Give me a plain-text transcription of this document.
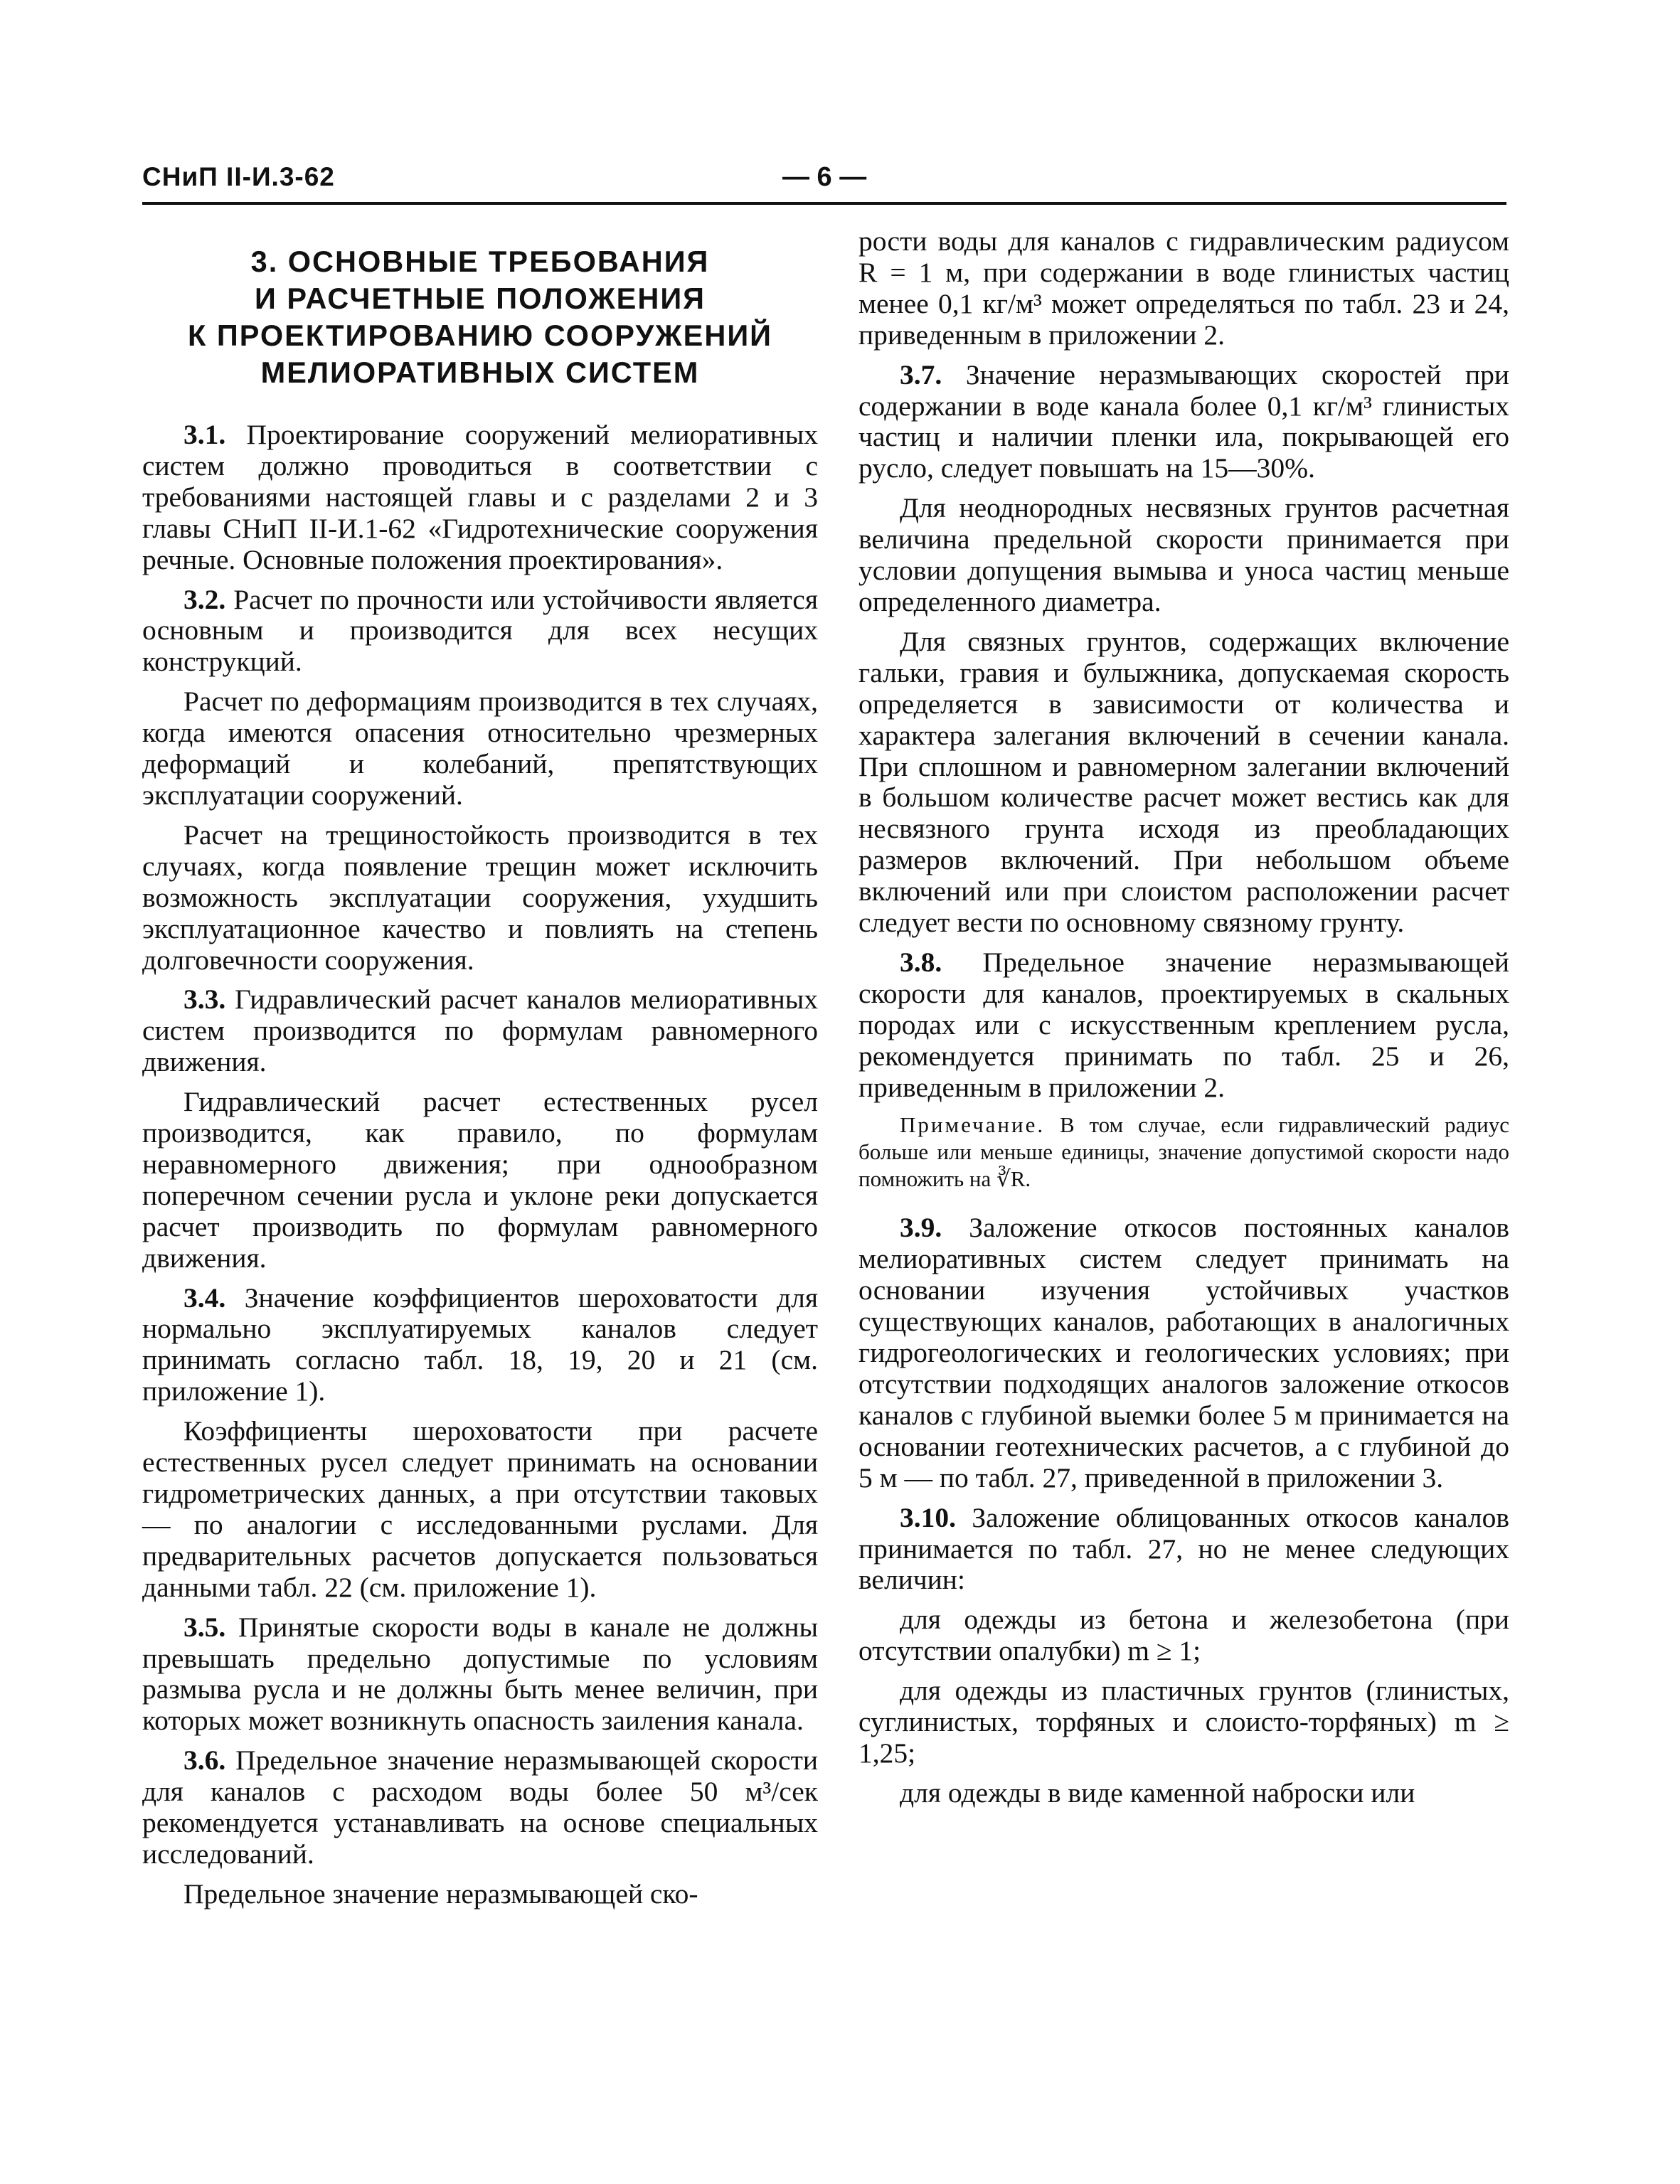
СНиП II-И.3-62	— 6 —
3. ОСНОВНЫЕ ТРЕБОВАНИЯ
И РАСЧЕТНЫЕ ПОЛОЖЕНИЯ
К ПРОЕКТИРОВАНИЮ СООРУЖЕНИЙ
МЕЛИОРАТИВНЫХ СИСТЕМ

3.1. Проектирование сооружений мелиоративных систем должно проводиться в соответствии с требованиями настоящей главы и с разделами 2 и 3 главы СНиП II-И.1-62 «Гидротехнические сооружения речные. Основные положения проектирования».

3.2. Расчет по прочности или устойчивости является основным и производится для всех несущих конструкций.

Расчет по деформациям производится в тех случаях, когда имеются опасения относительно чрезмерных деформаций и колебаний, препятствующих эксплуатации сооружений.

Расчет на трещиностойкость производится в тех случаях, когда появление трещин может исключить возможность эксплуатации сооружения, ухудшить эксплуатационное качество и повлиять на степень долговечности сооружения.

3.3. Гидравлический расчет каналов мелиоративных систем производится по формулам равномерного движения.

Гидравлический расчет естественных русел производится, как правило, по формулам неравномерного движения; при однообразном поперечном сечении русла и уклоне реки допускается расчет производить по формулам равномерного движения.

3.4. Значение коэффициентов шероховатости для нормально эксплуатируемых каналов следует принимать согласно табл. 18, 19, 20 и 21 (см. приложение 1).

Коэффициенты шероховатости при расчете естественных русел следует принимать на основании гидрометрических данных, а при отсутствии таковых — по аналогии с исследованными руслами. Для предварительных расчетов допускается пользоваться данными табл. 22 (см. приложение 1).

3.5. Принятые скорости воды в канале не должны превышать предельно допустимые по условиям размыва русла и не должны быть менее величин, при которых может возникнуть опасность заиления канала.

3.6. Предельное значение неразмывающей скорости для каналов с расходом воды более 50 м³/сек рекомендуется устанавливать на основе специальных исследований.

Предельное значение неразмывающей ско-

рости воды для каналов с гидравлическим радиусом R = 1 м, при содержании в воде глинистых частиц менее 0,1 кг/м³ может определяться по табл. 23 и 24, приведенным в приложении 2.

3.7. Значение неразмывающих скоростей при содержании в воде канала более 0,1 кг/м³ глинистых частиц и наличии пленки ила, покрывающей его русло, следует повышать на 15—30%.

Для неоднородных несвязных грунтов расчетная величина предельной скорости принимается при условии допущения вымыва и уноса частиц меньше определенного диаметра.

Для связных грунтов, содержащих включение гальки, гравия и булыжника, допускаемая скорость определяется в зависимости от количества и характера залегания включений в сечении канала. При сплошном и равномерном залегании включений в большом количестве расчет может вестись как для несвязного грунта исходя из преобладающих размеров включений. При небольшом объеме включений или при слоистом расположении расчет следует вести по основному связному грунту.

3.8. Предельное значение неразмывающей скорости для каналов, проектируемых в скальных породах или с искусственным креплением русла, рекомендуется принимать по табл. 25 и 26, приведенным в приложении 2.

Примечание. В том случае, если гидравлический радиус больше или меньше единицы, значение допустимой скорости надо помножить на ∛R.

3.9. Заложение откосов постоянных каналов мелиоративных систем следует принимать на основании изучения устойчивых участков существующих каналов, работающих в аналогичных гидрогеологических и геологических условиях; при отсутствии подходящих аналогов заложение откосов каналов с глубиной выемки более 5 м принимается на основании геотехнических расчетов, а с глубиной до 5 м — по табл. 27, приведенной в приложении 3.

3.10. Заложение облицованных откосов каналов принимается по табл. 27, но не менее следующих величин:

для одежды из бетона и железобетона (при отсутствии опалубки) m ≥ 1;

для одежды из пластичных грунтов (глинистых, суглинистых, торфяных и слоисто-торфяных) m ≥ 1,25;

для одежды в виде каменной наброски или
